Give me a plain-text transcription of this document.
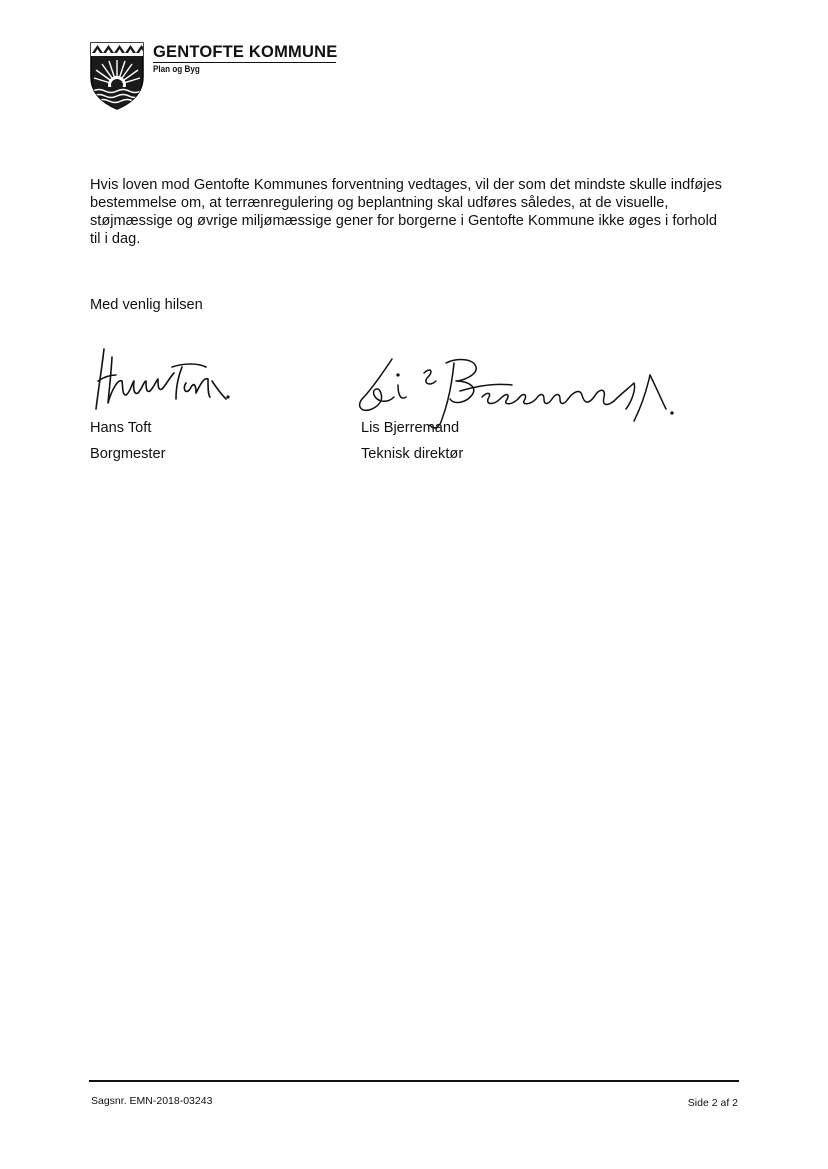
GENTOFTE KOMMUNE
Plan og Byg

Hvis loven mod Gentofte Kommunes forventning vedtages, vil der som det mindste skulle indføjes bestemmelse om, at terrænregulering og beplantning skal udføres således, at de visuelle, støjmæssige og øvrige miljømæssige gener for borgerne i Gentofte Kommune ikke øges i forhold til i dag.

Med venlig hilsen
Hans Toft
Borgmester
Lis Bjerremand
Teknisk direktør
Sagsnr. EMN-2018-03243	Side 2 af 2
